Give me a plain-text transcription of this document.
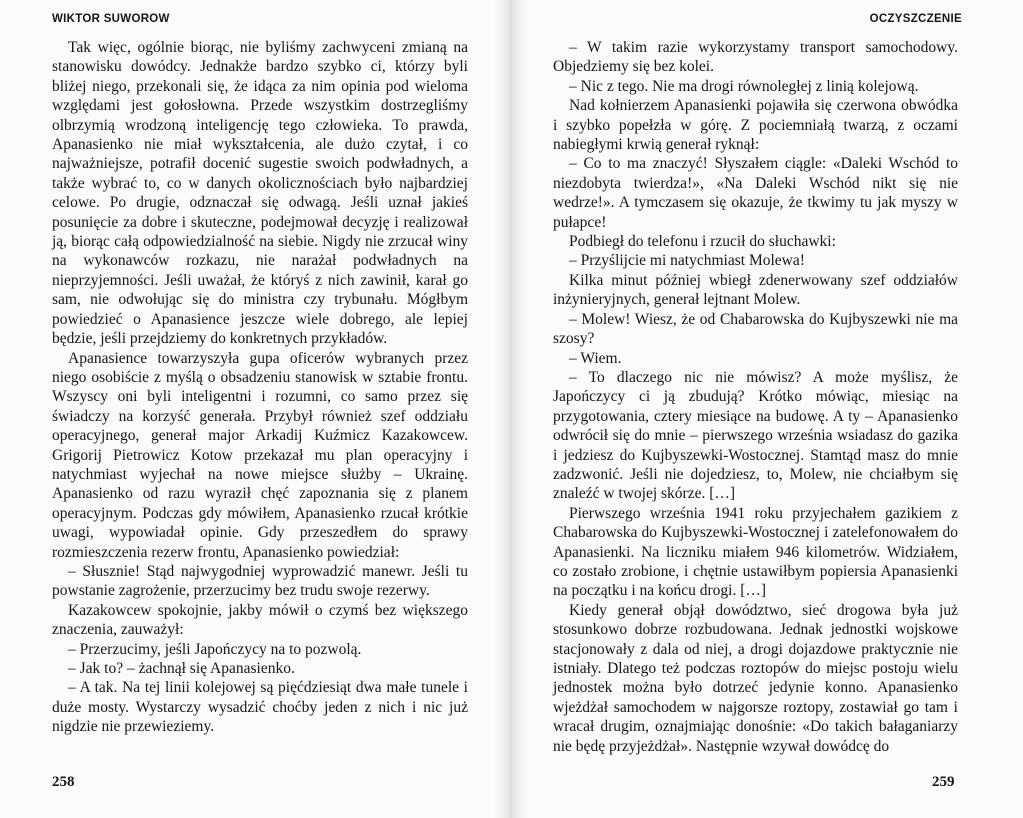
WIKTOR SUWOROW

Tak więc, ogólnie biorąc, nie byliśmy zachwyceni zmianą na stanowisku dowódcy. Jednakże bardzo szybko ci, którzy byli bliżej niego, przekonali się, że idąca za nim opinia pod wieloma względami jest gołosłowna. Przede wszystkim dostrzegliśmy olbrzymią wrodzoną inteligencję tego człowieka. To prawda, Apanasienko nie miał wykształcenia, ale dużo czytał, i co najważniejsze, potrafił docenić sugestie swoich podwładnych, a także wybrać to, co w danych okolicznościach było najbardziej celowe. Po drugie, odznaczał się odwagą. Jeśli uznał jakieś posunięcie za dobre i skuteczne, podejmował decyzję i realizował ją, biorąc całą odpowiedzialność na siebie. Nigdy nie zrzucał winy na wykonawców rozkazu, nie narażał podwładnych na nieprzyjemności. Jeśli uważał, że któryś z nich zawinił, karał go sam, nie odwołując się do ministra czy trybunału. Mógłbym powiedzieć o Apanasience jeszcze wiele dobrego, ale lepiej będzie, jeśli przejdziemy do konkretnych przykładów.

Apanasience towarzyszyła gupa oficerów wybranych przez niego osobiście z myślą o obsadzeniu stanowisk w sztabie frontu. Wszyscy oni byli inteligentni i rozumni, co samo przez się świadczy na korzyść generała. Przybył również szef oddziału operacyjnego, generał major Arkadij Kuźmicz Kazakowcew. Grigorij Pietrowicz Kotow przekazał mu plan operacyjny i natychmiast wyjechał na nowe miejsce służby – Ukrainę. Apanasienko od razu wyraził chęć zapoznania się z planem operacyjnym. Podczas gdy mówiłem, Apanasienko rzucał krótkie uwagi, wypowiadał opinie. Gdy przeszedłem do sprawy rozmieszczenia rezerw frontu, Apanasienko powiedział:

– Słusznie! Stąd najwygodniej wyprowadzić manewr. Jeśli tu powstanie zagrożenie, przerzucimy bez trudu swoje rezerwy.

Kazakowcew spokojnie, jakby mówił o czymś bez większego znaczenia, zauważył:

– Przerzucimy, jeśli Japończycy na to pozwolą.

– Jak to? – żachnął się Apanasienko.

– A tak. Na tej linii kolejowej są pięćdziesiąt dwa małe tunele i duże mosty. Wystarczy wysadzić choćby jeden z nich i nic już nigdzie nie przewieziemy.

258
OCZYSZCZENIE

– W takim razie wykorzystamy transport samochodowy. Objedziemy się bez kolei.

– Nic z tego. Nie ma drogi równoległej z linią kolejową.

Nad kołnierzem Apanasienki pojawiła się czerwona obwódka i szybko popełzła w górę. Z pociemniałą twarzą, z oczami nabiegłymi krwią generał ryknął:

– Co to ma znaczyć! Słyszałem ciągle: «Daleki Wschód to niezdobyta twierdza!», «Na Daleki Wschód nikt się nie wedrze!». A tymczasem się okazuje, że tkwimy tu jak myszy w pułapce!

Podbiegł do telefonu i rzucił do słuchawki:

– Przyślijcie mi natychmiast Molewa!

Kilka minut później wbiegł zdenerwowany szef oddziałów inżynieryjnych, generał lejtnant Molew.

– Molew! Wiesz, że od Chabarowska do Kujbyszewki nie ma szosy?

– Wiem.

– To dlaczego nic nie mówisz? A może myślisz, że Japończycy ci ją zbudują? Krótko mówiąc, miesiąc na przygotowania, cztery miesiące na budowę. A ty – Apanasienko odwrócił się do mnie – pierwszego września wsiadasz do gazika i jedziesz do Kujbyszewki-Wostocznej. Stamtąd masz do mnie zadzwonić. Jeśli nie dojedziesz, to, Molew, nie chciałbym się znaleźć w twojej skórze. […]

Pierwszego września 1941 roku przyjechałem gazikiem z Chabarowska do Kujbyszewki-Wostocznej i zatelefonowałem do Apanasienki. Na liczniku miałem 946 kilometrów. Widziałem, co zostało zrobione, i chętnie ustawiłbym popiersia Apanasienki na początku i na końcu drogi. […]

Kiedy generał objął dowództwo, sieć drogowa była już stosunkowo dobrze rozbudowana. Jednak jednostki wojskowe stacjonowały z dala od niej, a drogi dojazdowe praktycznie nie istniały. Dlatego też podczas roztopów do miejsc postoju wielu jednostek można było dotrzeć jedynie konno. Apanasienko wjeżdżał samochodem w najgorsze roztopy, zostawiał go tam i wracał drugim, oznajmiając donośnie: «Do takich bałaganiarzy nie będę przyjeżdżał». Następnie wzywał dowódcę do

259
